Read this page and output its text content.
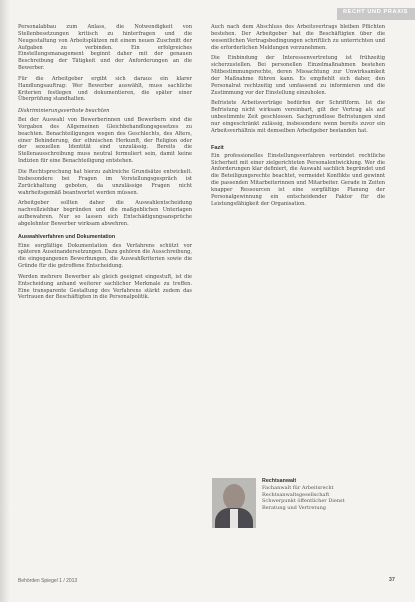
RECHT UND PRAXIS

Personalabbau zum Anlass, die Notwendigkeit von Stellenbesetzungen kritisch zu hinterfragen und die Neugestaltung von Arbeitsplätzen mit einem neuen Zuschnitt der Aufgaben zu verbinden. Ein erfolgreiches Einstellungsmanagement beginnt daher mit der genauen Beschreibung der Tätigkeit und der Anforderungen an die Bewerber.

Für die Arbeitgeber ergibt sich daraus ein klarer Handlungsauftrag: Wer Bewerber auswählt, muss sachliche Kriterien festlegen und dokumentieren, die später einer Überprüfung standhalten.

Diskriminierungsverbote beachten

Bei der Auswahl von Bewerberinnen und Bewerbern sind die Vorgaben des Allgemeinen Gleichbehandlungsgesetzes zu beachten. Benachteiligungen wegen des Geschlechts, des Alters, einer Behinderung, der ethnischen Herkunft, der Religion oder der sexuellen Identität sind unzulässig. Bereits die Stellenausschreibung muss neutral formuliert sein, damit keine Indizien für eine Benachteiligung entstehen.

Die Rechtsprechung hat hierzu zahlreiche Grundsätze entwickelt. Insbesondere bei Fragen im Vorstellungsgespräch ist Zurückhaltung geboten, da unzulässige Fragen nicht wahrheitsgemäß beantwortet werden müssen.

Arbeitgeber sollten daher die Auswahlentscheidung nachvollziehbar begründen und die maßgeblichen Unterlagen aufbewahren. Nur so lassen sich Entschädigungsansprüche abgelehnter Bewerber wirksam abwehren.

Auswahlverfahren und Dokumentation

Eine sorgfältige Dokumentation des Verfahrens schützt vor späteren Auseinandersetzungen. Dazu gehören die Ausschreibung, die eingegangenen Bewerbungen, die Auswahlkriterien sowie die Gründe für die getroffene Entscheidung.

Werden mehrere Bewerber als gleich geeignet eingestuft, ist die Entscheidung anhand weiterer sachlicher Merkmale zu treffen. Eine transparente Gestaltung des Verfahrens stärkt zudem das Vertrauen der Beschäftigten in die Personalpolitik.

Auch nach dem Abschluss des Arbeitsvertrags bleiben Pflichten bestehen. Der Arbeitgeber hat die Beschäftigten über die wesentlichen Vertragsbedingungen schriftlich zu unterrichten und die erforderlichen Meldungen vorzunehmen.

Die Einbindung der Interessenvertretung ist frühzeitig sicherzustellen. Bei personellen Einzelmaßnahmen bestehen Mitbestimmungsrechte, deren Missachtung zur Unwirksamkeit der Maßnahme führen kann. Es empfiehlt sich daher, den Personalrat rechtzeitig und umfassend zu informieren und die Zustimmung vor der Einstellung einzuholen.

Befristete Arbeitsverträge bedürfen der Schriftform. Ist die Befristung nicht wirksam vereinbart, gilt der Vertrag als auf unbestimmte Zeit geschlossen. Sachgrundlose Befristungen sind nur eingeschränkt zulässig, insbesondere wenn bereits zuvor ein Arbeitsverhältnis mit demselben Arbeitgeber bestanden hat.

Fazit

Ein professionelles Einstellungsverfahren verbindet rechtliche Sicherheit mit einer zielgerichteten Personalentwicklung. Wer die Anforderungen klar definiert, die Auswahl sachlich begründet und die Beteiligungsrechte beachtet, vermeidet Konflikte und gewinnt die passenden Mitarbeiterinnen und Mitarbeiter. Gerade in Zeiten knapper Ressourcen ist eine sorgfältige Planung der Personalgewinnung ein entscheidender Faktor für die Leistungsfähigkeit der Organisation.

Rechtsanwalt

Fachanwalt für Arbeitsrecht

Rechtsanwaltsgesellschaft

Schwerpunkt öffentlicher Dienst

Beratung und Vertretung

Behörden Spiegel 1 / 2013	37
